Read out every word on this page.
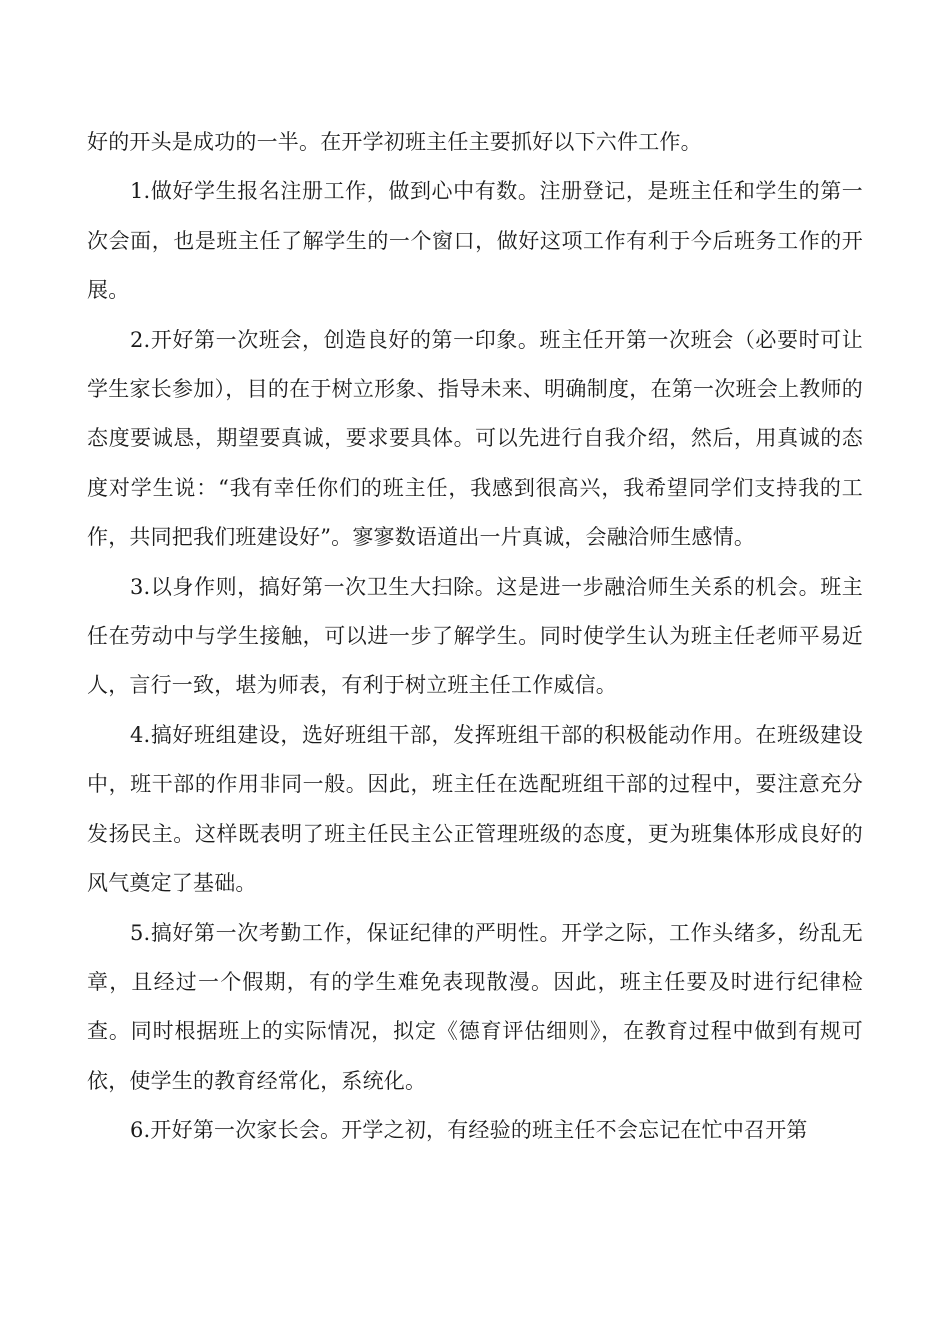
好的开头是成功的一半。在开学初班主任主要抓好以下六件工作。

1.做好学生报名注册工作，做到心中有数。注册登记，是班主任和学生的第一次会面，也是班主任了解学生的一个窗口，做好这项工作有利于今后班务工作的开展。

2.开好第一次班会，创造良好的第一印象。班主任开第一次班会（必要时可让学生家长参加），目的在于树立形象、指导未来、明确制度，在第一次班会上教师的态度要诚恳，期望要真诚，要求要具体。可以先进行自我介绍，然后，用真诚的态度对学生说：“我有幸任你们的班主任，我感到很高兴，我希望同学们支持我的工作，共同把我们班建设好”。寥寥数语道出一片真诚，会融洽师生感情。

3.以身作则，搞好第一次卫生大扫除。这是进一步融洽师生关系的机会。班主任在劳动中与学生接触，可以进一步了解学生。同时使学生认为班主任老师平易近人，言行一致，堪为师表，有利于树立班主任工作威信。

4.搞好班组建设，选好班组干部，发挥班组干部的积极能动作用。在班级建设中，班干部的作用非同一般。因此，班主任在选配班组干部的过程中，要注意充分发扬民主。这样既表明了班主任民主公正管理班级的态度，更为班集体形成良好的风气奠定了基础。

5.搞好第一次考勤工作，保证纪律的严明性。开学之际，工作头绪多，纷乱无章，且经过一个假期，有的学生难免表现散漫。因此，班主任要及时进行纪律检查。同时根据班上的实际情况，拟定《德育评估细则》，在教育过程中做到有规可依，使学生的教育经常化，系统化。

6.开好第一次家长会。开学之初，有经验的班主任不会忘记在忙中召开第
